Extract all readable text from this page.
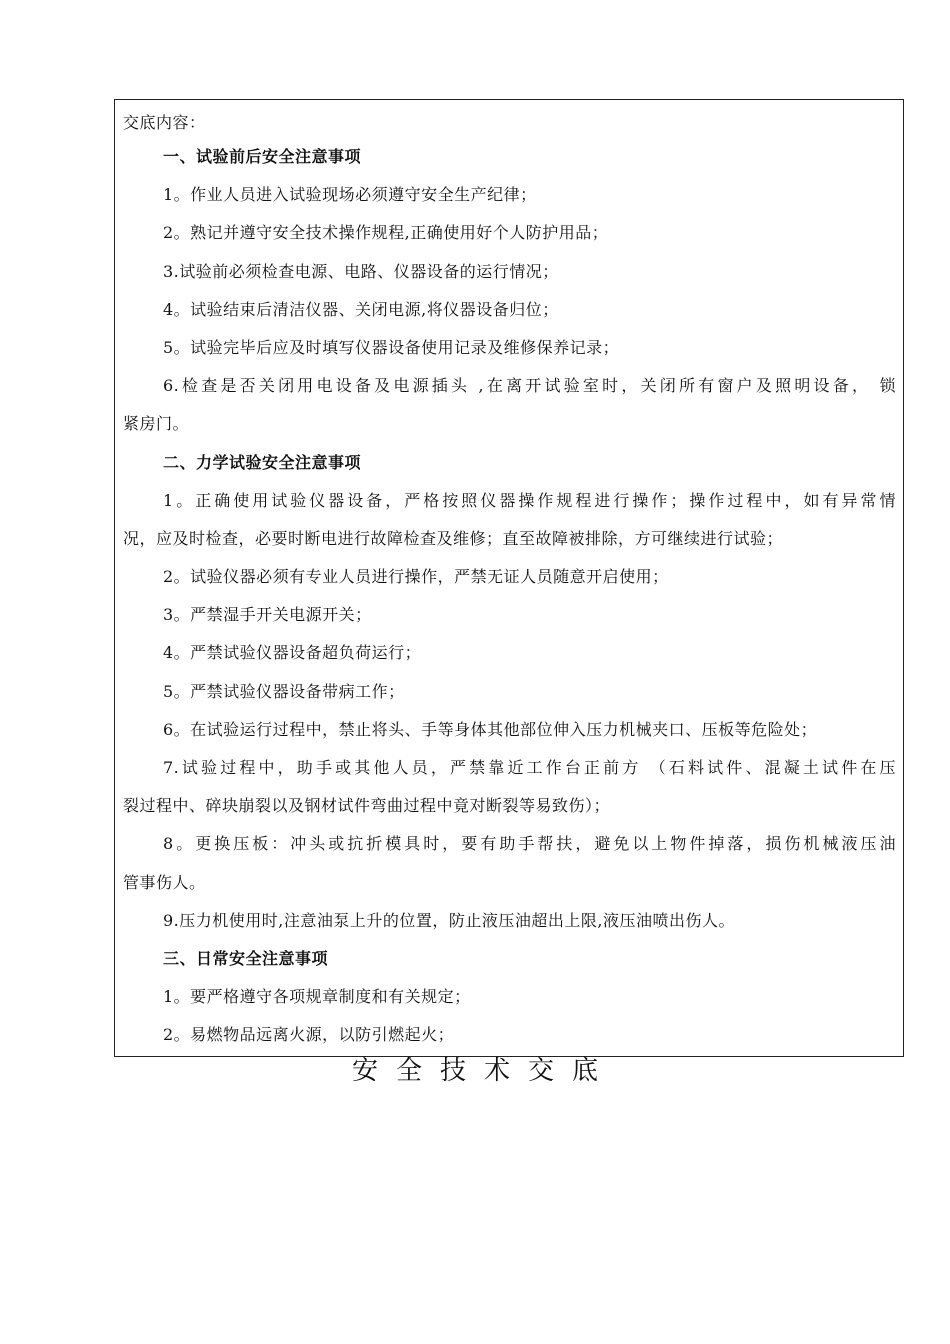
交底内容：
一、试验前后安全注意事项
1。作业人员进入试验现场必须遵守安全生产纪律；
2。熟记并遵守安全技术操作规程,正确使用好个人防护用品；
3.试验前必须检查电源、电路、仪器设备的运行情况；
4。试验结束后清洁仪器、关闭电源,将仪器设备归位；
5。试验完毕后应及时填写仪器设备使用记录及维修保养记录；
6.检查是否关闭用电设备及电源插头 ,在离开试验室时，关闭所有窗户及照明设备， 锁
紧房门。
二、力学试验安全注意事项
1。正确使用试验仪器设备，严格按照仪器操作规程进行操作；操作过程中，如有异常情
况，应及时检查，必要时断电进行故障检查及维修；直至故障被排除，方可继续进行试验；
2。试验仪器必须有专业人员进行操作，严禁无证人员随意开启使用；
3。严禁湿手开关电源开关；
4。严禁试验仪器设备超负荷运行；
5。严禁试验仪器设备带病工作；
6。在试验运行过程中，禁止将头、手等身体其他部位伸入压力机械夹口、压板等危险处；
7.试验过程中，助手或其他人员，严禁靠近工作台正前方 （石料试件、混凝土试件在压
裂过程中、碎块崩裂以及钢材试件弯曲过程中竟对断裂等易致伤）；
8。更换压板：冲头或抗折模具时，要有助手帮扶，避免以上物件掉落，损伤机械液压油
管事伤人。
9.压力机使用时,注意油泵上升的位置，防止液压油超出上限,液压油喷出伤人。
三、日常安全注意事项
1。要严格遵守各项规章制度和有关规定；
2。易燃物品远离火源，以防引燃起火；
安全技术交底
